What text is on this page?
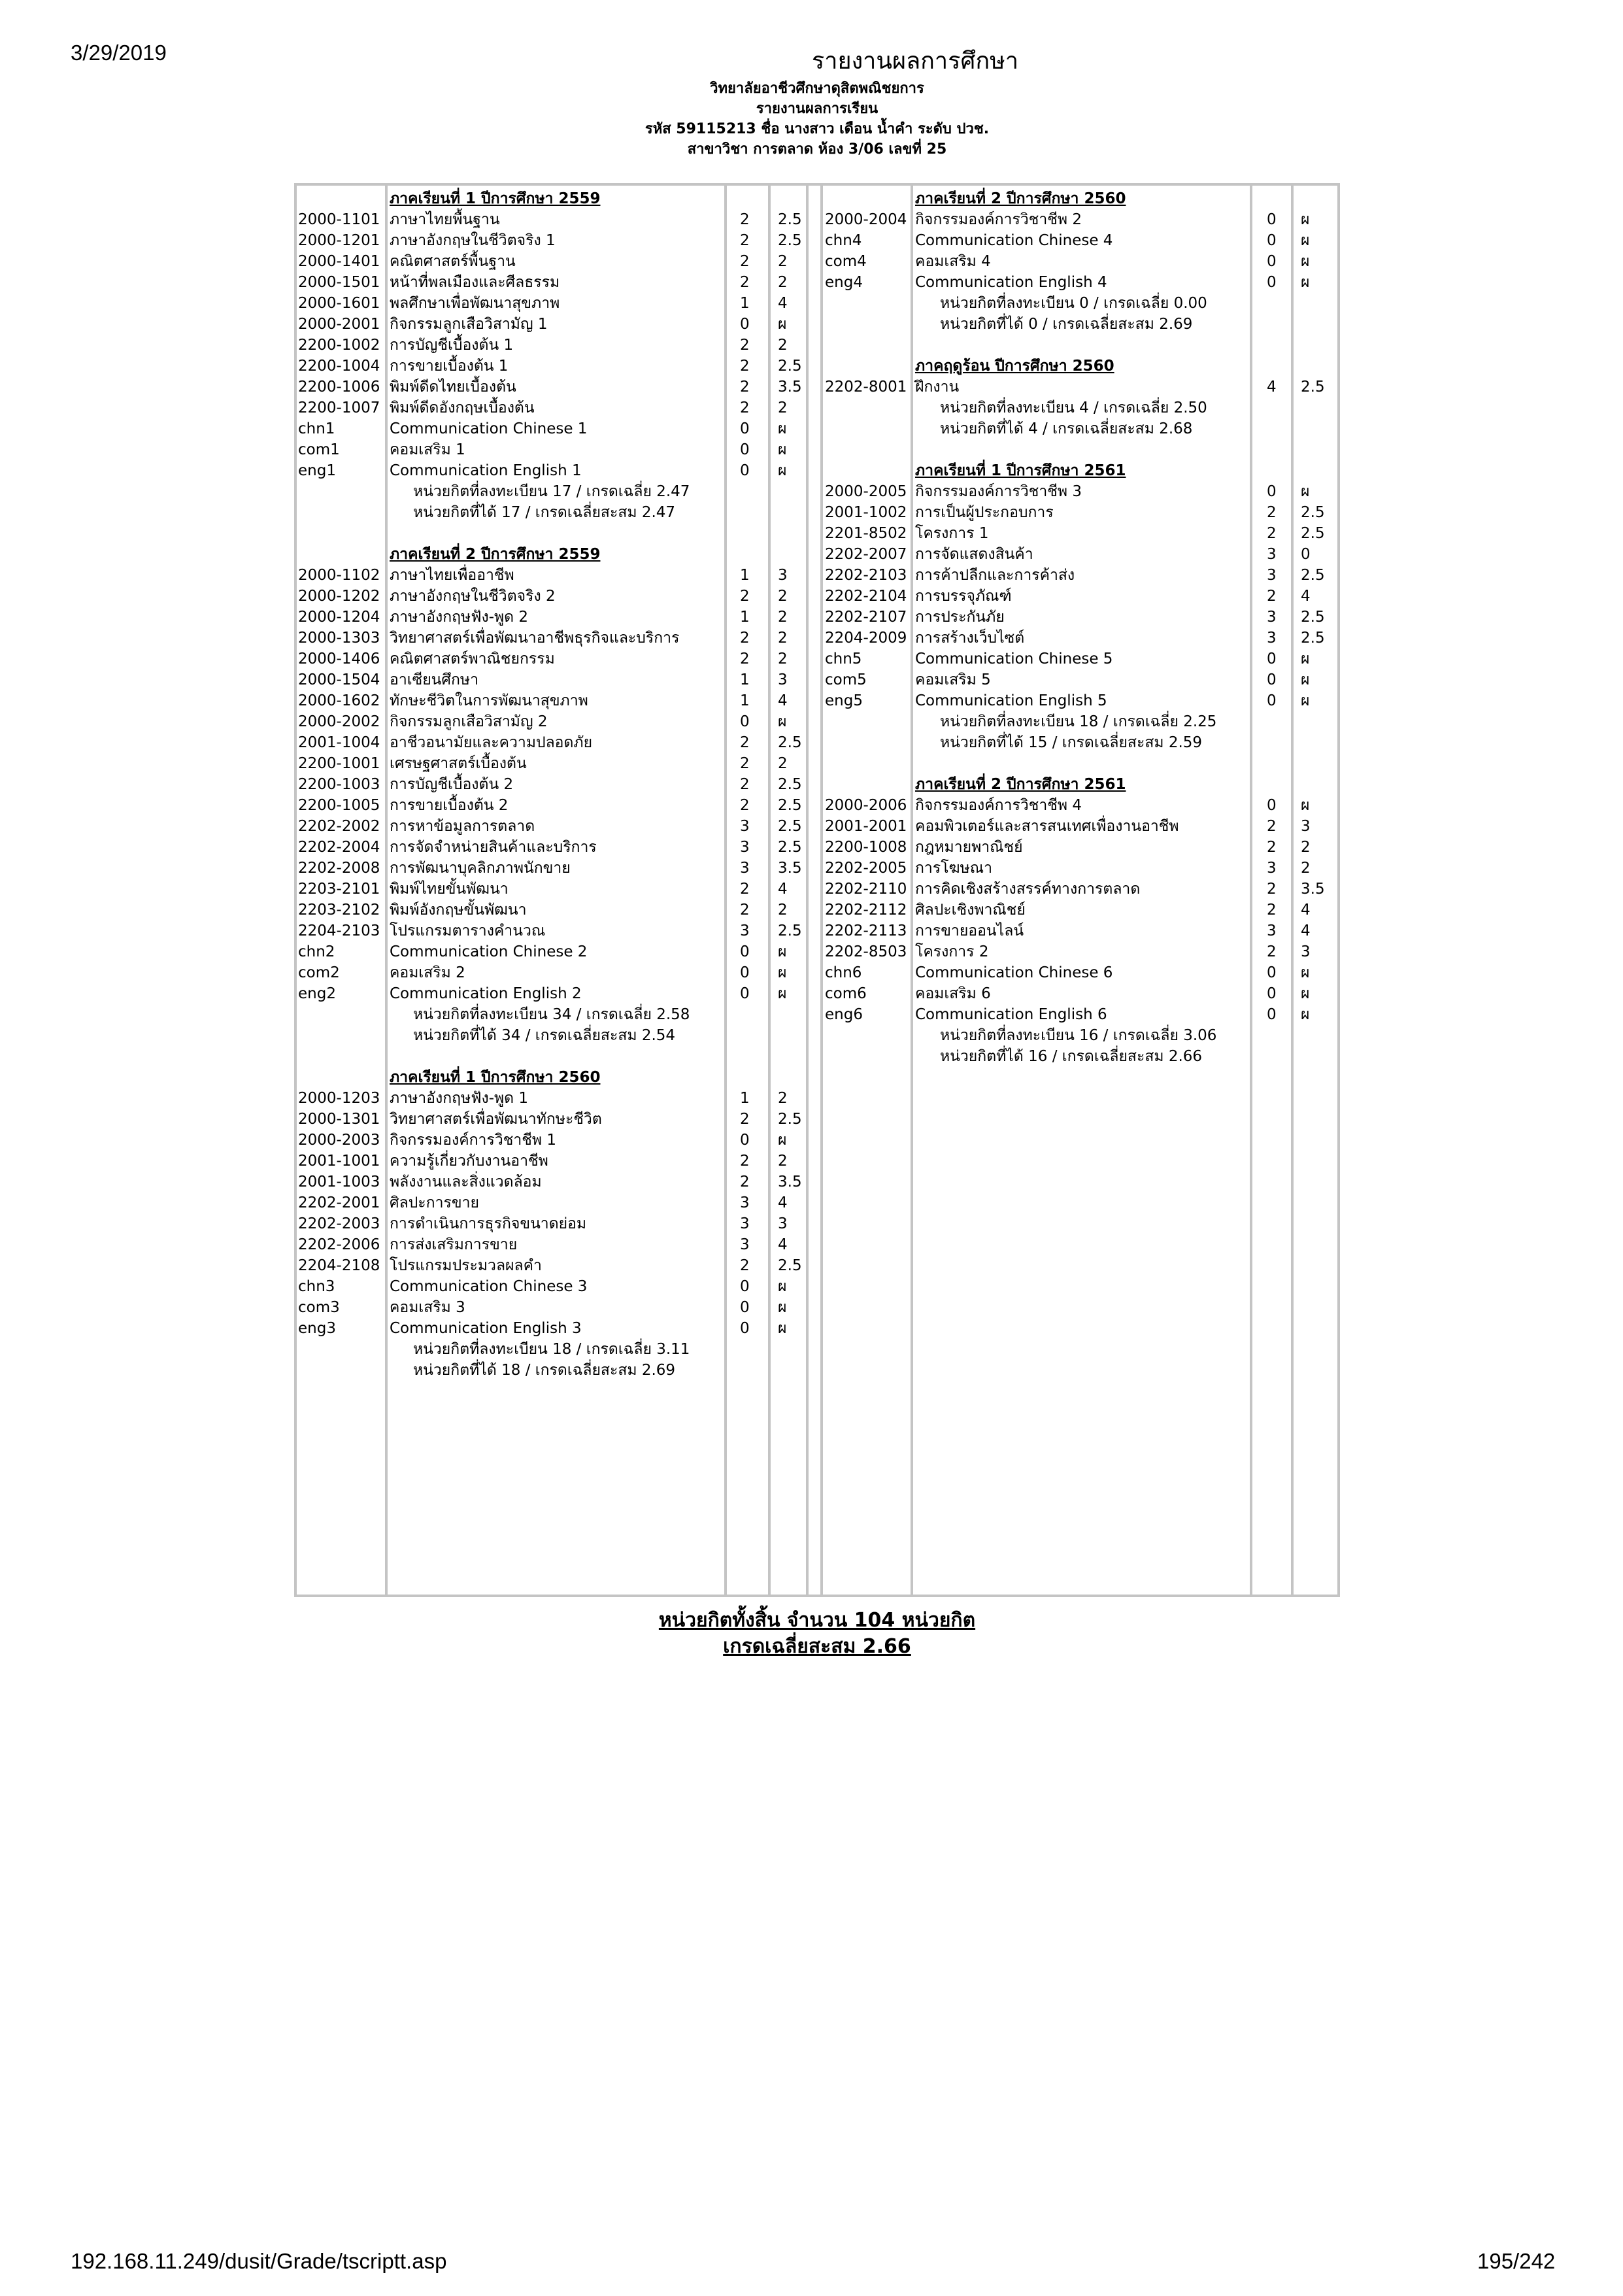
3/29/2019	รายงานผลการศึกษา
วิทยาลัยอาชีวศึกษาดุสิตพณิชยการ
รายงานผลการเรียน
รหัส 59115213 ชื่อ นางสาว เดือน น้ำคำ ระดับ ปวช.
สาขาวิชา การตลาด ห้อง 3/06 เลขที่ 25
ภาคเรียนที่ 1 ปีการศึกษา 2559
2000-1101 ภาษาไทยพื้นฐาน	2 2.5
2000-1201 ภาษาอังกฤษในชีวิตจริง 1	2 2.5
2000-1401 คณิตศาสตร์พื้นฐาน	2 2
2000-1501 หน้าที่พลเมืองและศีลธรรม	2 2
2000-1601 พลศึกษาเพื่อพัฒนาสุขภาพ	1 4
2000-2001 กิจกรรมลูกเสือวิสามัญ 1	0 ผ
2200-1002 การบัญชีเบื้องต้น 1	2 2
2200-1004 การขายเบื้องต้น 1	2 2.5
2200-1006 พิมพ์ดีดไทยเบื้องต้น	2 3.5
2200-1007 พิมพ์ดีดอังกฤษเบื้องต้น	2 2
chn1	Communication Chinese 1	0 ผ
com1	คอมเสริม 1	0 ผ
eng1	Communication English 1	0 ผ
หน่วยกิตที่ลงทะเบียน 17 / เกรดเฉลี่ย 2.47
หน่วยกิตที่ได้ 17 / เกรดเฉลี่ยสะสม 2.47
ภาคเรียนที่ 2 ปีการศึกษา 2559
2000-1102 ภาษาไทยเพื่ออาชีพ	1 3
2000-1202 ภาษาอังกฤษในชีวิตจริง 2	2 2
2000-1204 ภาษาอังกฤษฟัง-พูด 2	1 2
2000-1303 วิทยาศาสตร์เพื่อพัฒนาอาชีพธุรกิจและบริการ	2 2
2000-1406 คณิตศาสตร์พาณิชยกรรม	2 2
2000-1504 อาเซียนศึกษา	1 3
2000-1602 ทักษะชีวิตในการพัฒนาสุขภาพ	1 4
2000-2002 กิจกรรมลูกเสือวิสามัญ 2	0 ผ
2001-1004 อาชีวอนามัยและความปลอดภัย	2 2.5
2200-1001 เศรษฐศาสตร์เบื้องต้น	2 2
2200-1003 การบัญชีเบื้องต้น 2	2 2.5
2200-1005 การขายเบื้องต้น 2	2 2.5
2202-2002 การหาข้อมูลการตลาด	3 2.5
2202-2004 การจัดจำหน่ายสินค้าและบริการ	3 2.5
2202-2008 การพัฒนาบุคลิกภาพนักขาย	3 3.5
2203-2101 พิมพ์ไทยขั้นพัฒนา	2 4
2203-2102 พิมพ์อังกฤษขั้นพัฒนา	2 2
2204-2103 โปรแกรมตารางคำนวณ	3 2.5
chn2	Communication Chinese 2	0 ผ
com2	คอมเสริม 2	0 ผ
eng2	Communication English 2	0 ผ
หน่วยกิตที่ลงทะเบียน 34 / เกรดเฉลี่ย 2.58
หน่วยกิตที่ได้ 34 / เกรดเฉลี่ยสะสม 2.54
ภาคเรียนที่ 1 ปีการศึกษา 2560
2000-1203 ภาษาอังกฤษฟัง-พูด 1	1 2
2000-1301 วิทยาศาสตร์เพื่อพัฒนาทักษะชีวิต	2 2.5
2000-2003 กิจกรรมองค์การวิชาชีพ 1	0 ผ
2001-1001 ความรู้เกี่ยวกับงานอาชีพ	2 2
2001-1003 พลังงานและสิ่งแวดล้อม	2 3.5
2202-2001 ศิลปะการขาย	3 4
2202-2003 การดำเนินการธุรกิจขนาดย่อม	3 3
2202-2006 การส่งเสริมการขาย	3 4
2204-2108 โปรแกรมประมวลผลคำ	2 2.5
chn3	Communication Chinese 3	0 ผ
com3	คอมเสริม 3	0 ผ
eng3	Communication English 3	0 ผ
หน่วยกิตที่ลงทะเบียน 18 / เกรดเฉลี่ย 3.11
หน่วยกิตที่ได้ 18 / เกรดเฉลี่ยสะสม 2.69
ภาคเรียนที่ 2 ปีการศึกษา 2560
2000-2004 กิจกรรมองค์การวิชาชีพ 2	0 ผ
chn4	Communication Chinese 4	0 ผ
com4	คอมเสริม 4	0 ผ
eng4	Communication English 4	0 ผ
หน่วยกิตที่ลงทะเบียน 0 / เกรดเฉลี่ย 0.00
หน่วยกิตที่ได้ 0 / เกรดเฉลี่ยสะสม 2.69
ภาคฤดูร้อน ปีการศึกษา 2560
2202-8001 ฝึกงาน	4 2.5
หน่วยกิตที่ลงทะเบียน 4 / เกรดเฉลี่ย 2.50
หน่วยกิตที่ได้ 4 / เกรดเฉลี่ยสะสม 2.68
ภาคเรียนที่ 1 ปีการศึกษา 2561
2000-2005 กิจกรรมองค์การวิชาชีพ 3	0 ผ
2001-1002 การเป็นผู้ประกอบการ	2 2.5
2201-8502 โครงการ 1	2 2.5
2202-2007 การจัดแสดงสินค้า	3 0
2202-2103 การค้าปลีกและการค้าส่ง	3 2.5
2202-2104 การบรรจุภัณฑ์	2 4
2202-2107 การประกันภัย	3 2.5
2204-2009 การสร้างเว็บไซต์	3 2.5
chn5	Communication Chinese 5	0 ผ
com5	คอมเสริม 5	0 ผ
eng5	Communication English 5	0 ผ
หน่วยกิตที่ลงทะเบียน 18 / เกรดเฉลี่ย 2.25
หน่วยกิตที่ได้ 15 / เกรดเฉลี่ยสะสม 2.59
ภาคเรียนที่ 2 ปีการศึกษา 2561
2000-2006 กิจกรรมองค์การวิชาชีพ 4	0 ผ
2001-2001 คอมพิวเตอร์และสารสนเทศเพื่องานอาชีพ	2 3
2200-1008 กฎหมายพาณิชย์	2 2
2202-2005 การโฆษณา	3 2
2202-2110 การคิดเชิงสร้างสรรค์ทางการตลาด	2 3.5
2202-2112 ศิลปะเชิงพาณิชย์	2 4
2202-2113 การขายออนไลน์	3 4
2202-8503 โครงการ 2	2 3
chn6	Communication Chinese 6	0 ผ
com6	คอมเสริม 6	0 ผ
eng6	Communication English 6	0 ผ
หน่วยกิตที่ลงทะเบียน 16 / เกรดเฉลี่ย 3.06
หน่วยกิตที่ได้ 16 / เกรดเฉลี่ยสะสม 2.66
หน่วยกิตทั้งสิ้น จำนวน 104 หน่วยกิต
เกรดเฉลี่ยสะสม 2.66
192.168.11.249/dusit/Grade/tscriptt.asp	195/242
